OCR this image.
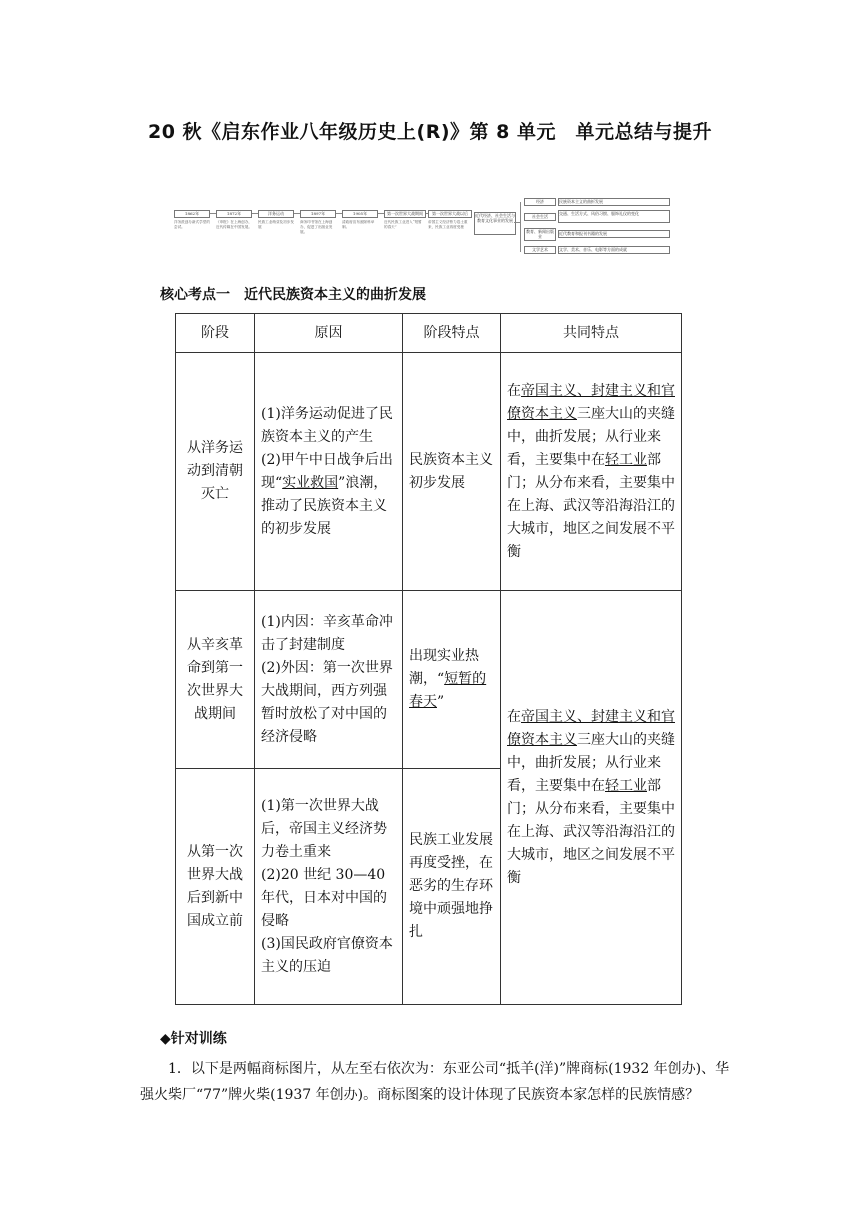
20 秋《启东作业八年级历史上(R)》第 8 单元　单元总结与提升
1862年
洋务派创办新式学堂的尝试。
1872年
《申报》在上海创办，近代传媒在中国发展。
洋务运动
民族工业萌芽及初步发展
1897年
商务印书馆在上海创办，促进了出版业发展。
1905年
清政府宣布废除科举制。
第一次世界大战期间
近代民族工业进入“短暂的春天”
第一次世界大战以后
帝国主义经济势力卷土重来，民族工业再度受挫
近代经济、社会生活与教育文化事业的发展
经济	民族资本主义的曲折发展
社会生活
交通、生活方式、风俗习惯、服饰礼仪的变化
教育、新闻出版业
近代教育和报刊书籍的发展
文学艺术	文学、美术、音乐、电影等方面的成就
核心考点一　近代民族资本主义的曲折发展
阶段	原因	阶段特点	共同特点
从洋务运动到清朝灭亡	(1)洋务运动促进了民族资本主义的产生
(2)甲午中日战争后出现“实业救国”浪潮，推动了民族资本主义的初步发展	民族资本主义初步发展	在帝国主义、封建主义和官僚资本主义三座大山的夹缝中，曲折发展；从行业来看，主要集中在轻工业部门；从分布来看，主要集中在上海、武汉等沿海沿江的大城市，地区之间发展不平衡
从辛亥革命到第一次世界大战期间	(1)内因：辛亥革命冲击了封建制度
(2)外因：第一次世界大战期间，西方列强暂时放松了对中国的经济侵略	出现实业热潮，“短暂的春天”	在帝国主义、封建主义和官僚资本主义三座大山的夹缝中，曲折发展；从行业来看，主要集中在轻工业部门；从分布来看，主要集中在上海、武汉等沿海沿江的大城市，地区之间发展不平衡
从第一次世界大战后到新中国成立前	(1)第一次世界大战后，帝国主义经济势力卷土重来
(2)20 世纪 30—40 年代，日本对中国的侵略
(3)国民政府官僚资本主义的压迫	民族工业发展再度受挫，在恶劣的生存环境中顽强地挣扎	
◆针对训练
1．以下是两幅商标图片，从左至右依次为：东亚公司“抵羊(洋)”牌商标(1932 年创办)、华强火柴厂“77”牌火柴(1937 年创办)。商标图案的设计体现了民族资本家怎样的民族情感？
